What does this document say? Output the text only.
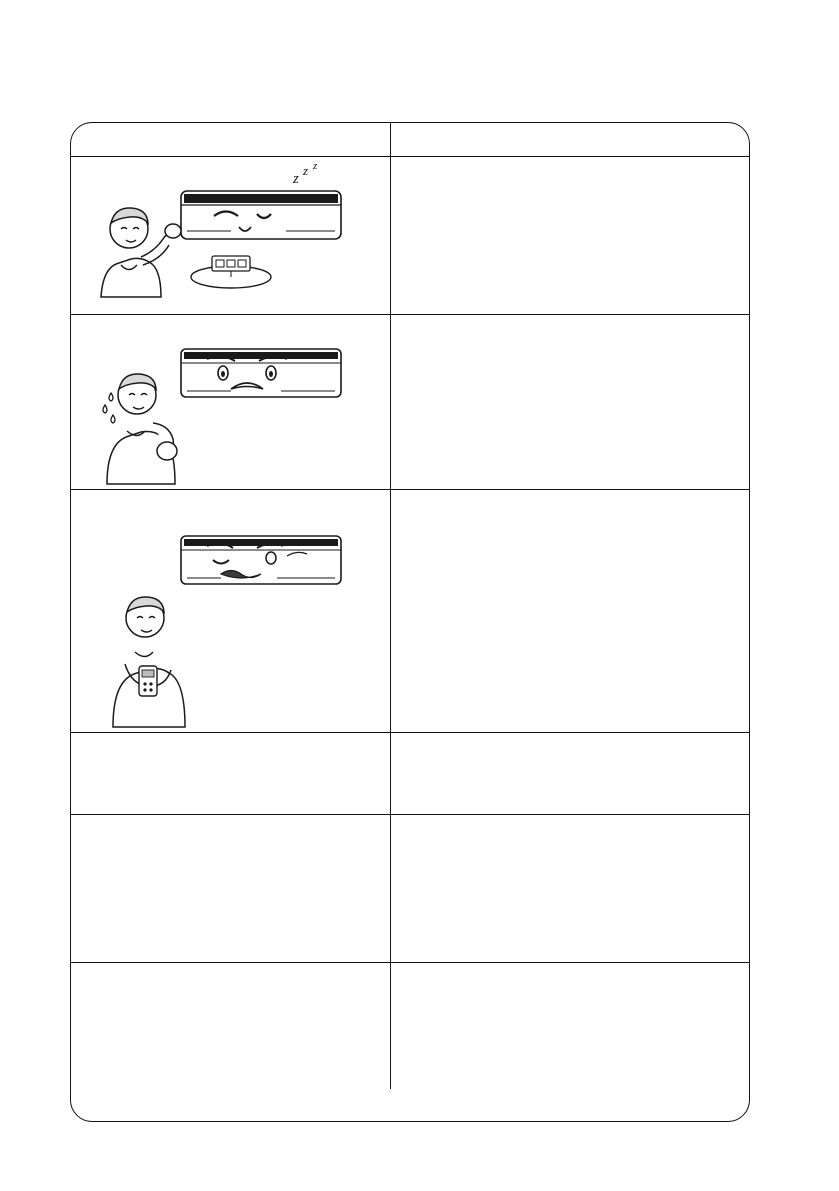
z
z z
